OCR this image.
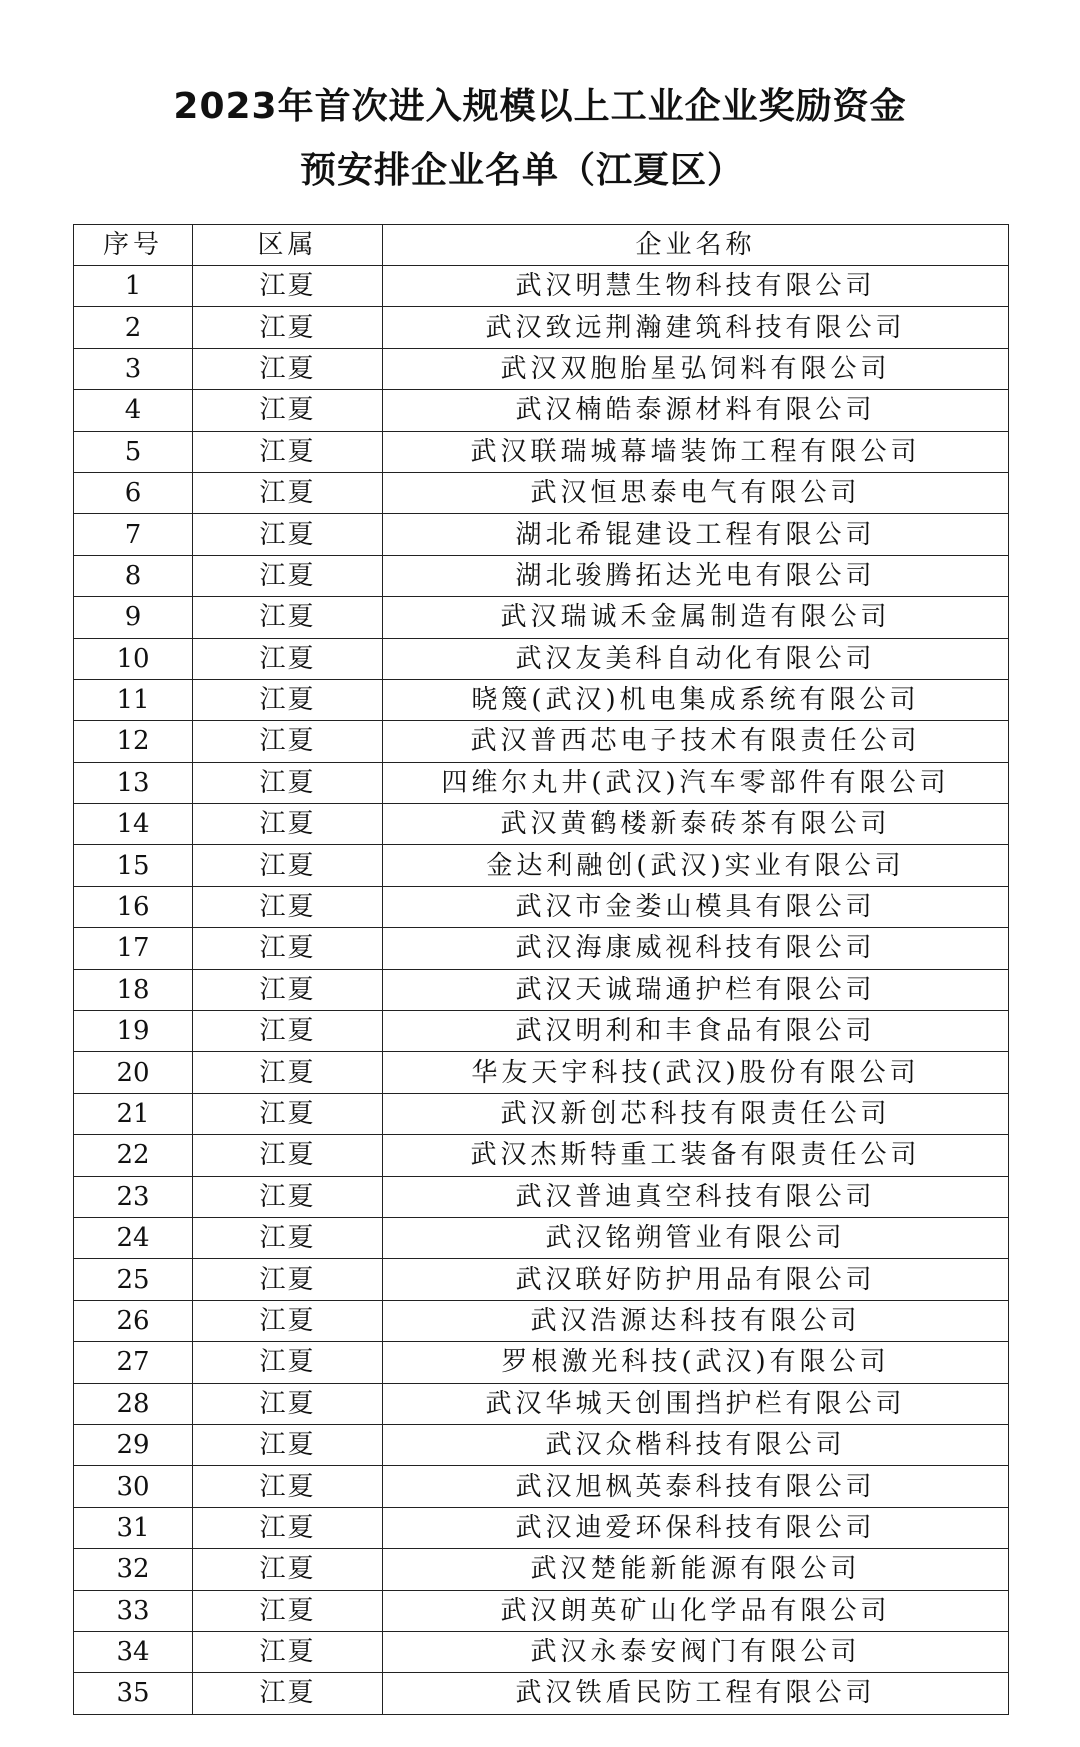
2023年首次进入规模以上工业企业奖励资金
预安排企业名单（江夏区）
序号	区属	企业名称
1	江夏	武汉明慧生物科技有限公司
2	江夏	武汉致远荆瀚建筑科技有限公司
3	江夏	武汉双胞胎星弘饲料有限公司
4	江夏	武汉楠皓泰源材料有限公司
5	江夏	武汉联瑞城幕墙装饰工程有限公司
6	江夏	武汉恒思泰电气有限公司
7	江夏	湖北希锟建设工程有限公司
8	江夏	湖北骏腾拓达光电有限公司
9	江夏	武汉瑞诚禾金属制造有限公司
10	江夏	武汉友美科自动化有限公司
11	江夏	晓篾(武汉)机电集成系统有限公司
12	江夏	武汉普西芯电子技术有限责任公司
13	江夏	四维尔丸井(武汉)汽车零部件有限公司
14	江夏	武汉黄鹤楼新泰砖茶有限公司
15	江夏	金达利融创(武汉)实业有限公司
16	江夏	武汉市金娄山模具有限公司
17	江夏	武汉海康威视科技有限公司
18	江夏	武汉天诚瑞通护栏有限公司
19	江夏	武汉明利和丰食品有限公司
20	江夏	华友天宇科技(武汉)股份有限公司
21	江夏	武汉新创芯科技有限责任公司
22	江夏	武汉杰斯特重工装备有限责任公司
23	江夏	武汉普迪真空科技有限公司
24	江夏	武汉铭朔管业有限公司
25	江夏	武汉联好防护用品有限公司
26	江夏	武汉浩源达科技有限公司
27	江夏	罗根激光科技(武汉)有限公司
28	江夏	武汉华城天创围挡护栏有限公司
29	江夏	武汉众楷科技有限公司
30	江夏	武汉旭枫英泰科技有限公司
31	江夏	武汉迪爱环保科技有限公司
32	江夏	武汉楚能新能源有限公司
33	江夏	武汉朗英矿山化学品有限公司
34	江夏	武汉永泰安阀门有限公司
35	江夏	武汉铁盾民防工程有限公司
